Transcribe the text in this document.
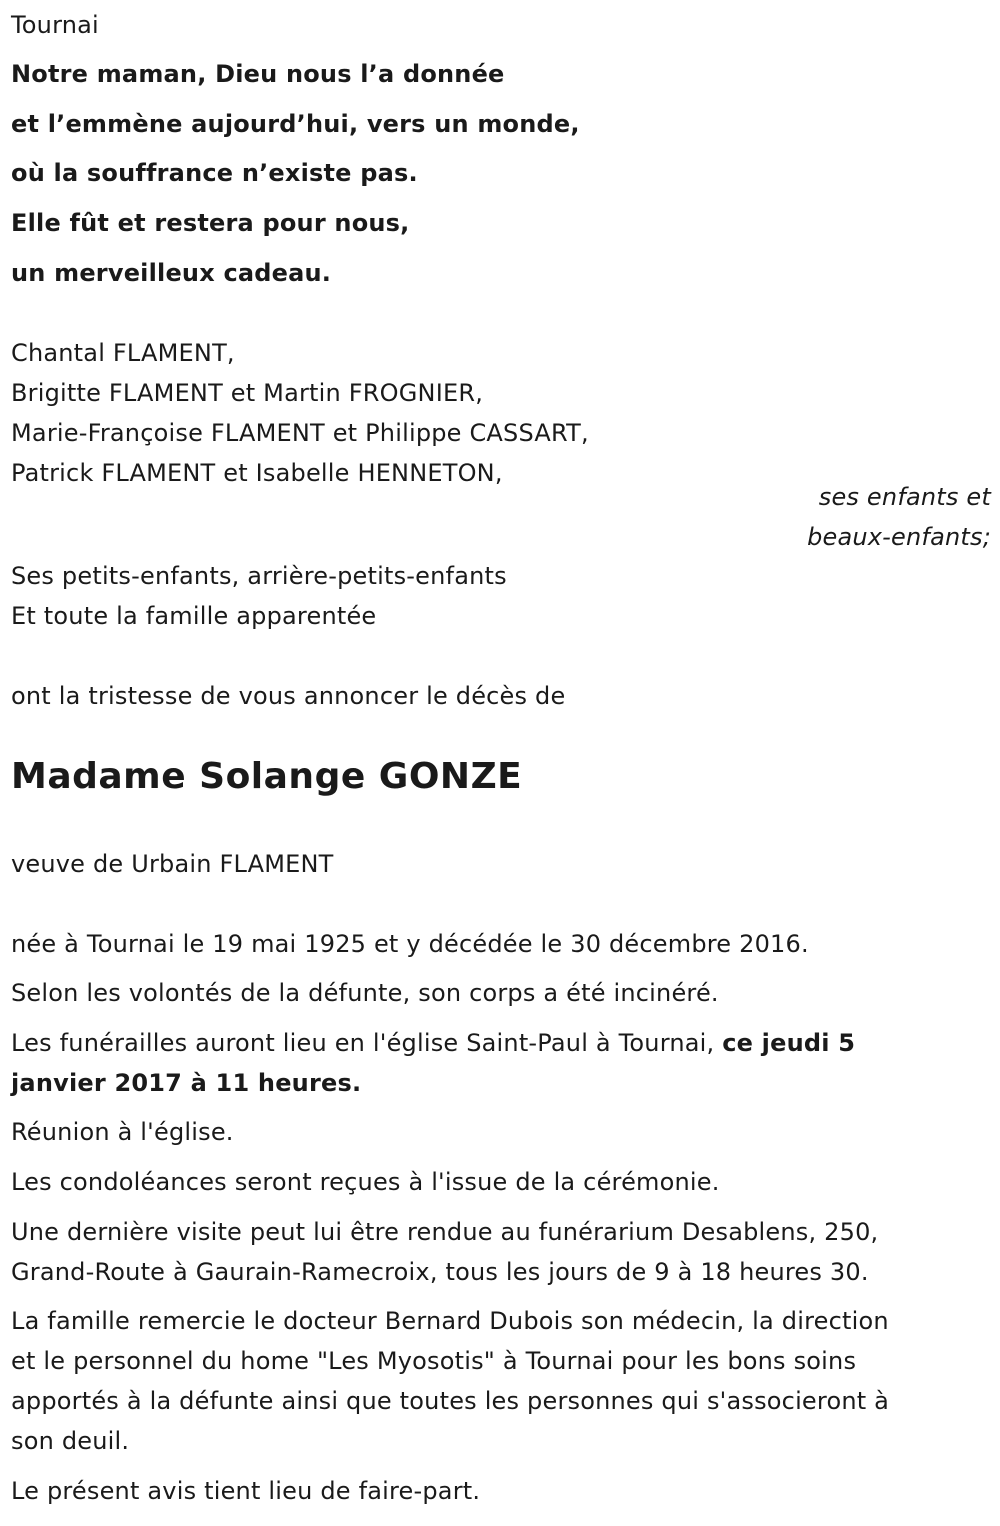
Tournai
Notre maman, Dieu nous l’a donnée
et l’emmène aujourd’hui, vers un monde,
où la souffrance n’existe pas.
Elle fût et restera pour nous,
un merveilleux cadeau.
Chantal FLAMENT,
Brigitte FLAMENT et Martin FROGNIER,
Marie-Françoise FLAMENT et Philippe CASSART,
Patrick FLAMENT et Isabelle HENNETON,
ses enfants et
beaux-enfants;
Ses petits-enfants, arrière-petits-enfants
Et toute la famille apparentée
ont la tristesse de vous annoncer le décès de
Madame Solange GONZE
veuve de Urbain FLAMENT
née à Tournai le 19 mai 1925 et y décédée le 30 décembre 2016.
Selon les volontés de la défunte, son corps a été incinéré.
Les funérailles auront lieu en l'église Saint-Paul à Tournai, ce jeudi 5
janvier 2017 à 11 heures.
Réunion à l'église.
Les condoléances seront reçues à l'issue de la cérémonie.
Une dernière visite peut lui être rendue au funérarium Desablens, 250,
Grand-Route à Gaurain-Ramecroix, tous les jours de 9 à 18 heures 30.
La famille remercie le docteur Bernard Dubois son médecin, la direction
et le personnel du home "Les Myosotis" à Tournai pour les bons soins
apportés à la défunte ainsi que toutes les personnes qui s'associeront à
son deuil.
Le présent avis tient lieu de faire-part.
